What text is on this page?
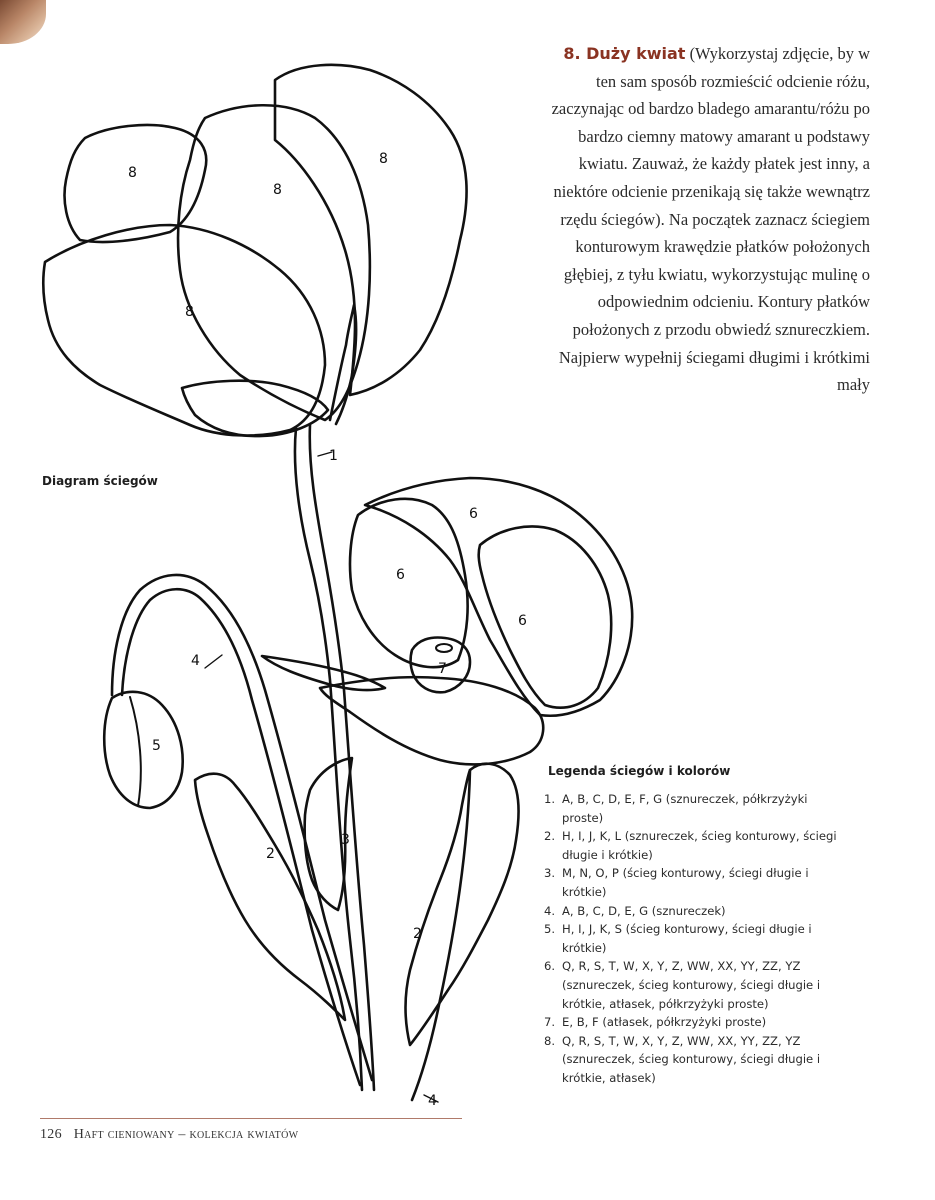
8
8
8
8
1
6
6
6
7
4
4
5
3
2
2

8. Duży kwiat (Wykorzystaj zdjęcie, by w ten sam sposób rozmieścić odcienie różu, zaczynając od bardzo bladego amarantu/różu po bardzo ciemny matowy amarant u podstawy kwiatu. Zauważ, że każdy płatek jest inny, a niektóre odcienie przenikają się także wewnątrz rzędu ściegów). Na początek zaznacz ściegiem konturowym krawędzie płatków położonych głębiej, z tyłu kwiatu, wykorzystując mulinę o odpowiednim odcieniu. Kontury płatków położonych z przodu obwiedź sznureczkiem. Najpierw wypełnij ściegami długimi i krótkimi mały

Diagram ściegów
Legenda ściegów i kolorów
1. A, B, C, D, E, F, G (sznureczek, półkrzyżyki proste)
2. H, I, J, K, L (sznureczek, ścieg konturowy, ściegi długie i krótkie)
3. M, N, O, P (ścieg konturowy, ściegi długie i krótkie)
4. A, B, C, D, E, G (sznureczek)
5. H, I, J, K, S (ścieg konturowy, ściegi długie i krótkie)
6. Q, R, S, T, W, X, Y, Z, WW, XX, YY, ZZ, YZ (sznureczek, ścieg konturowy, ściegi długie i krótkie, atłasek, półkrzyżyki proste)
7. E, B, F (atłasek, półkrzyżyki proste)
8. Q, R, S, T, W, X, Y, Z, WW, XX, YY, ZZ, YZ (sznureczek, ścieg konturowy, ściegi długie i krótkie, atłasek)
126 Haft cieniowany – kolekcja kwiatów
